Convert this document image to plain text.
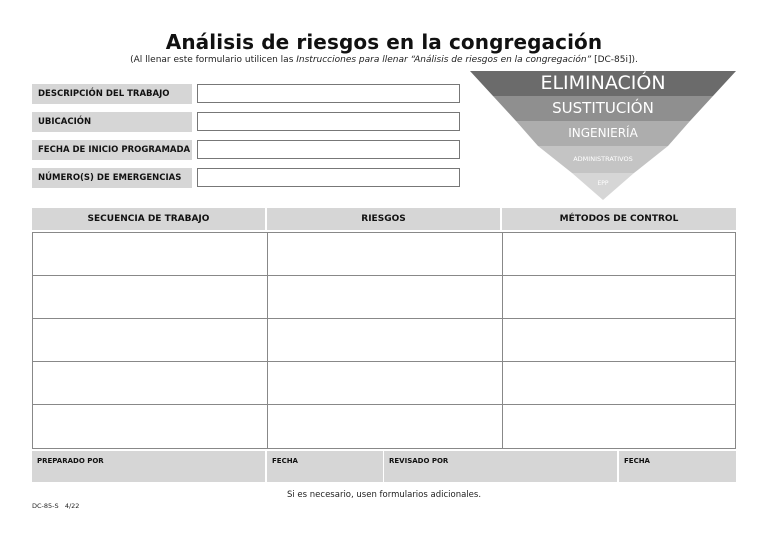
Análisis de riesgos en la congregación
(Al llenar este formulario utilicen las Instrucciones para llenar “Análisis de riesgos en la congregación” [DC-85i]).
DESCRIPCIÓN DEL TRABAJO
UBICACIÓN
FECHA DE INICIO PROGRAMADA
NÚMERO(S) DE EMERGENCIAS
ELIMINACIÓN
SUSTITUCIÓN
INGENIERÍA
ADMINISTRATIVOS
EPP
SECUENCIA DE TRABAJO	RIESGOS	MÉTODOS DE CONTROL
PREPARADO POR	FECHA	REVISADO POR	FECHA
Si es necesario, usen formularios adicionales.
DC-85-S   4/22
